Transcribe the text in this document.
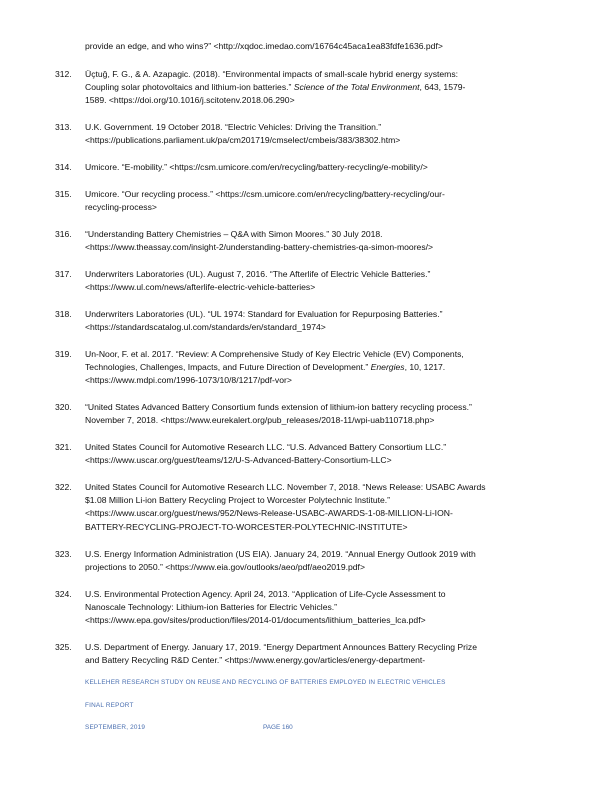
provide an edge, and who wins?” <http://xqdoc.imedao.com/16764c45aca1ea83fdfe1636.pdf>
312.	Üçtuğ, F. G., & A. Azapagic. (2018). “Environmental impacts of small-scale hybrid energy systems:
Coupling solar photovoltaics and lithium-ion batteries.” Science of the Total Environment, 643, 1579-
1589. <https://doi.org/10.1016/j.scitotenv.2018.06.290>
313.	U.K. Government. 19 October 2018. “Electric Vehicles: Driving the Transition.”
<https://publications.parliament.uk/pa/cm201719/cmselect/cmbeis/383/38302.htm>
314.	Umicore. “E-mobility.” <https://csm.umicore.com/en/recycling/battery-recycling/e-mobility/>
315.	Umicore. “Our recycling process.” <https://csm.umicore.com/en/recycling/battery-recycling/our-
recycling-process>
316.	“Understanding Battery Chemistries – Q&A with Simon Moores.” 30 July 2018.
<https://www.theassay.com/insight-2/understanding-battery-chemistries-qa-simon-moores/>
317.	Underwriters Laboratories (UL). August 7, 2016. “The Afterlife of Electric Vehicle Batteries.”
<https://www.ul.com/news/afterlife-electric-vehicle-batteries>
318.	Underwriters Laboratories (UL). “UL 1974: Standard for Evaluation for Repurposing Batteries.”
<https://standardscatalog.ul.com/standards/en/standard_1974>
319.	Un-Noor, F. et al. 2017. “Review: A Comprehensive Study of Key Electric Vehicle (EV) Components,
Technologies, Challenges, Impacts, and Future Direction of Development.” Energies, 10, 1217.
<https://www.mdpi.com/1996-1073/10/8/1217/pdf-vor>
320.	“United States Advanced Battery Consortium funds extension of lithium-ion battery recycling process.”
November 7, 2018. <https://www.eurekalert.org/pub_releases/2018-11/wpi-uab110718.php>
321.	United States Council for Automotive Research LLC. “U.S. Advanced Battery Consortium LLC.”
<https://www.uscar.org/guest/teams/12/U-S-Advanced-Battery-Consortium-LLC>
322.	United States Council for Automotive Research LLC. November 7, 2018. “News Release: USABC Awards
$1.08 Million Li-ion Battery Recycling Project to Worcester Polytechnic Institute.”
<https://www.uscar.org/guest/news/952/News-Release-USABC-AWARDS-1-08-MILLION-Li-ION-
BATTERY-RECYCLING-PROJECT-TO-WORCESTER-POLYTECHNIC-INSTITUTE>
323.	U.S. Energy Information Administration (US EIA). January 24, 2019. “Annual Energy Outlook 2019 with
projections to 2050.” <https://www.eia.gov/outlooks/aeo/pdf/aeo2019.pdf>
324.	U.S. Environmental Protection Agency. April 24, 2013. “Application of Life-Cycle Assessment to
Nanoscale Technology: Lithium-ion Batteries for Electric Vehicles.”
<https://www.epa.gov/sites/production/files/2014-01/documents/lithium_batteries_lca.pdf>
325.	U.S. Department of Energy. January 17, 2019. “Energy Department Announces Battery Recycling Prize
and Battery Recycling R&D Center.” <https://www.energy.gov/articles/energy-department-
KELLEHER RESEARCH STUDY ON REUSE AND RECYCLING OF BATTERIES EMPLOYED IN ELECTRIC VEHICLES
FINAL REPORT
SEPTEMBER, 2019	PAGE 160
